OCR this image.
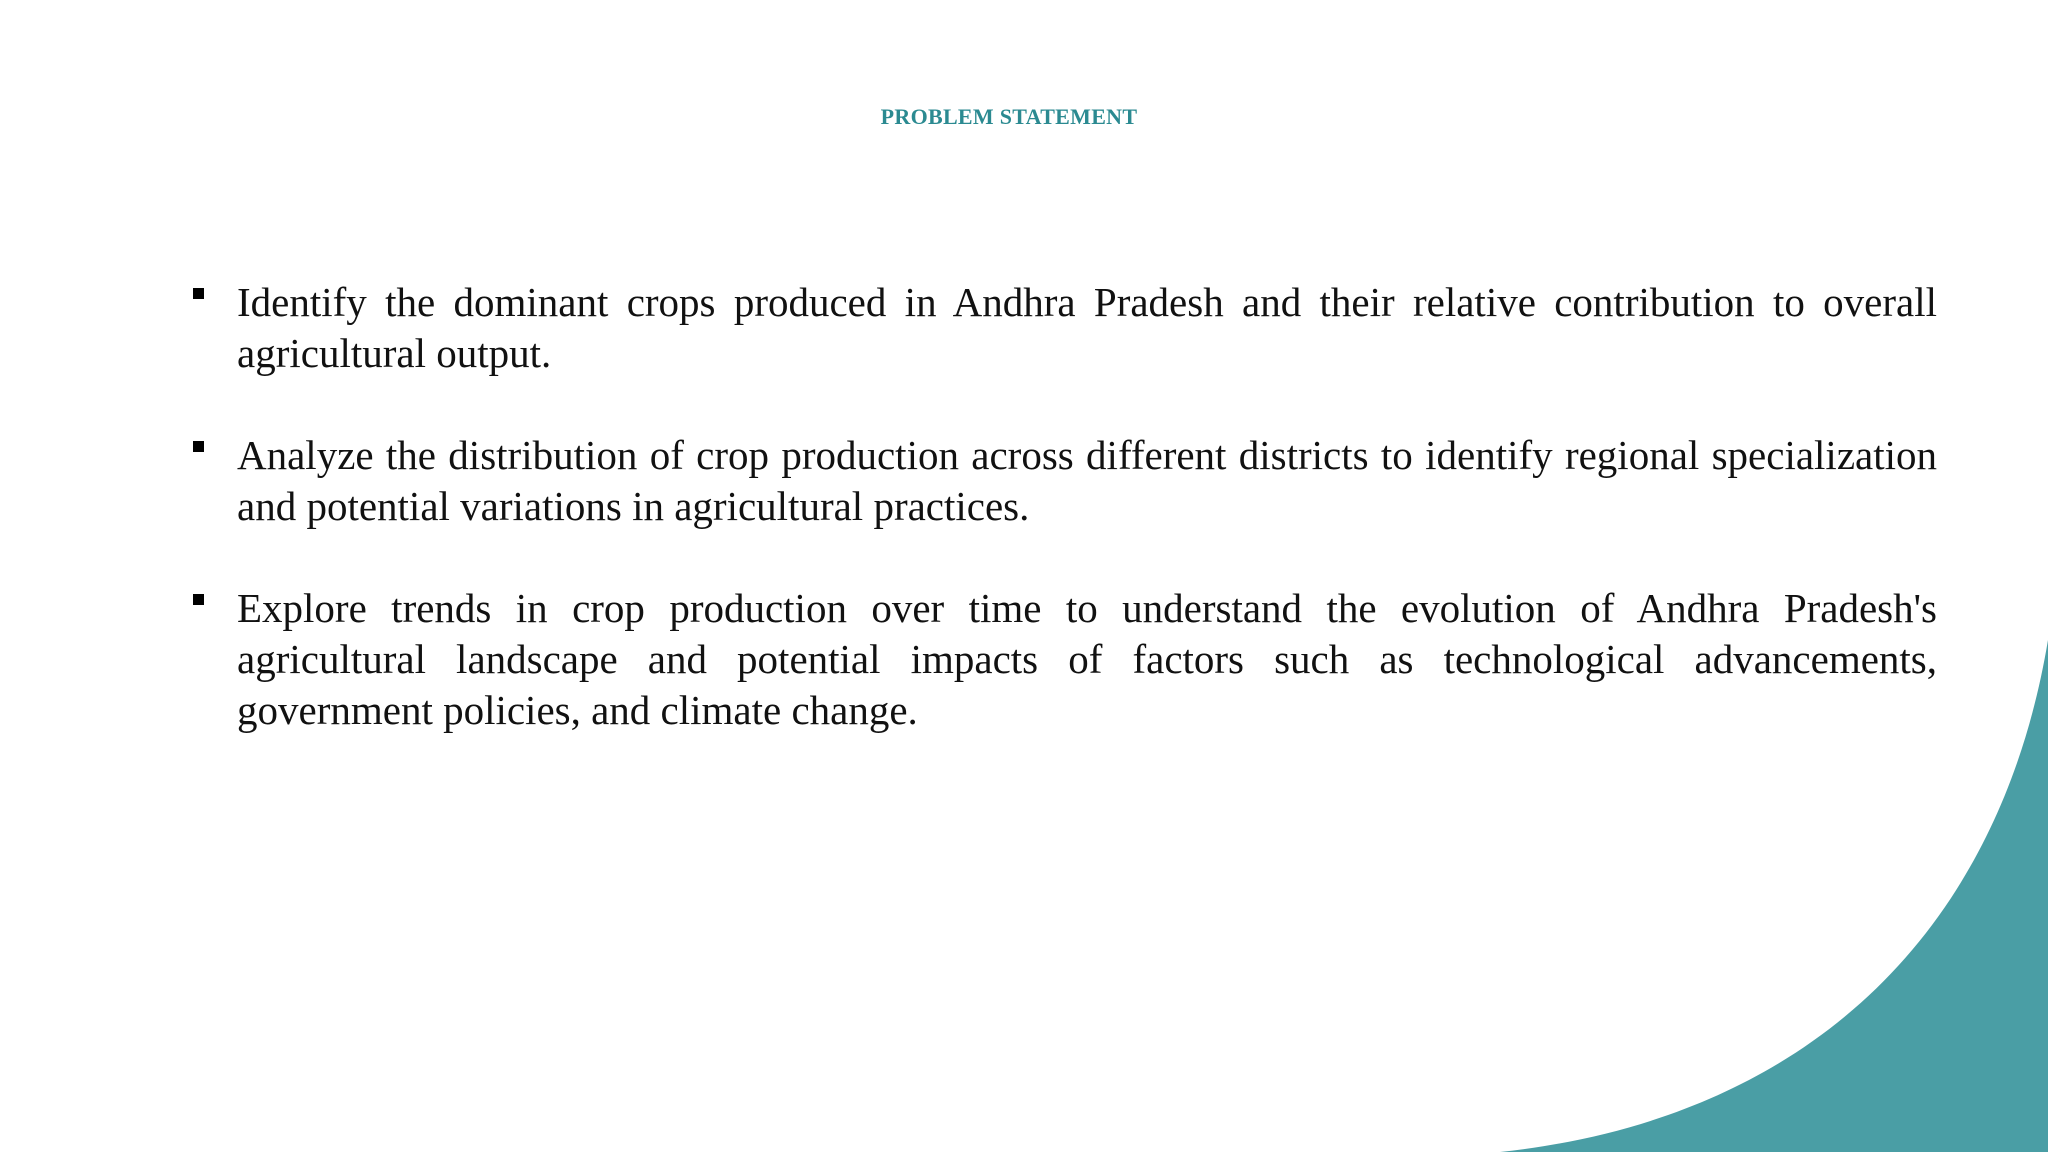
PROBLEM STATEMENT
Identify the dominant crops produced in Andhra Pradesh and their relative contribution to overall agricultural output.
Analyze the distribution of crop production across different districts to identify regional specialization and potential variations in agricultural practices.
Explore trends in crop production over time to understand the evolution of Andhra Pradesh's agricultural landscape and potential impacts of factors such as technological advancements, government policies, and climate change.
